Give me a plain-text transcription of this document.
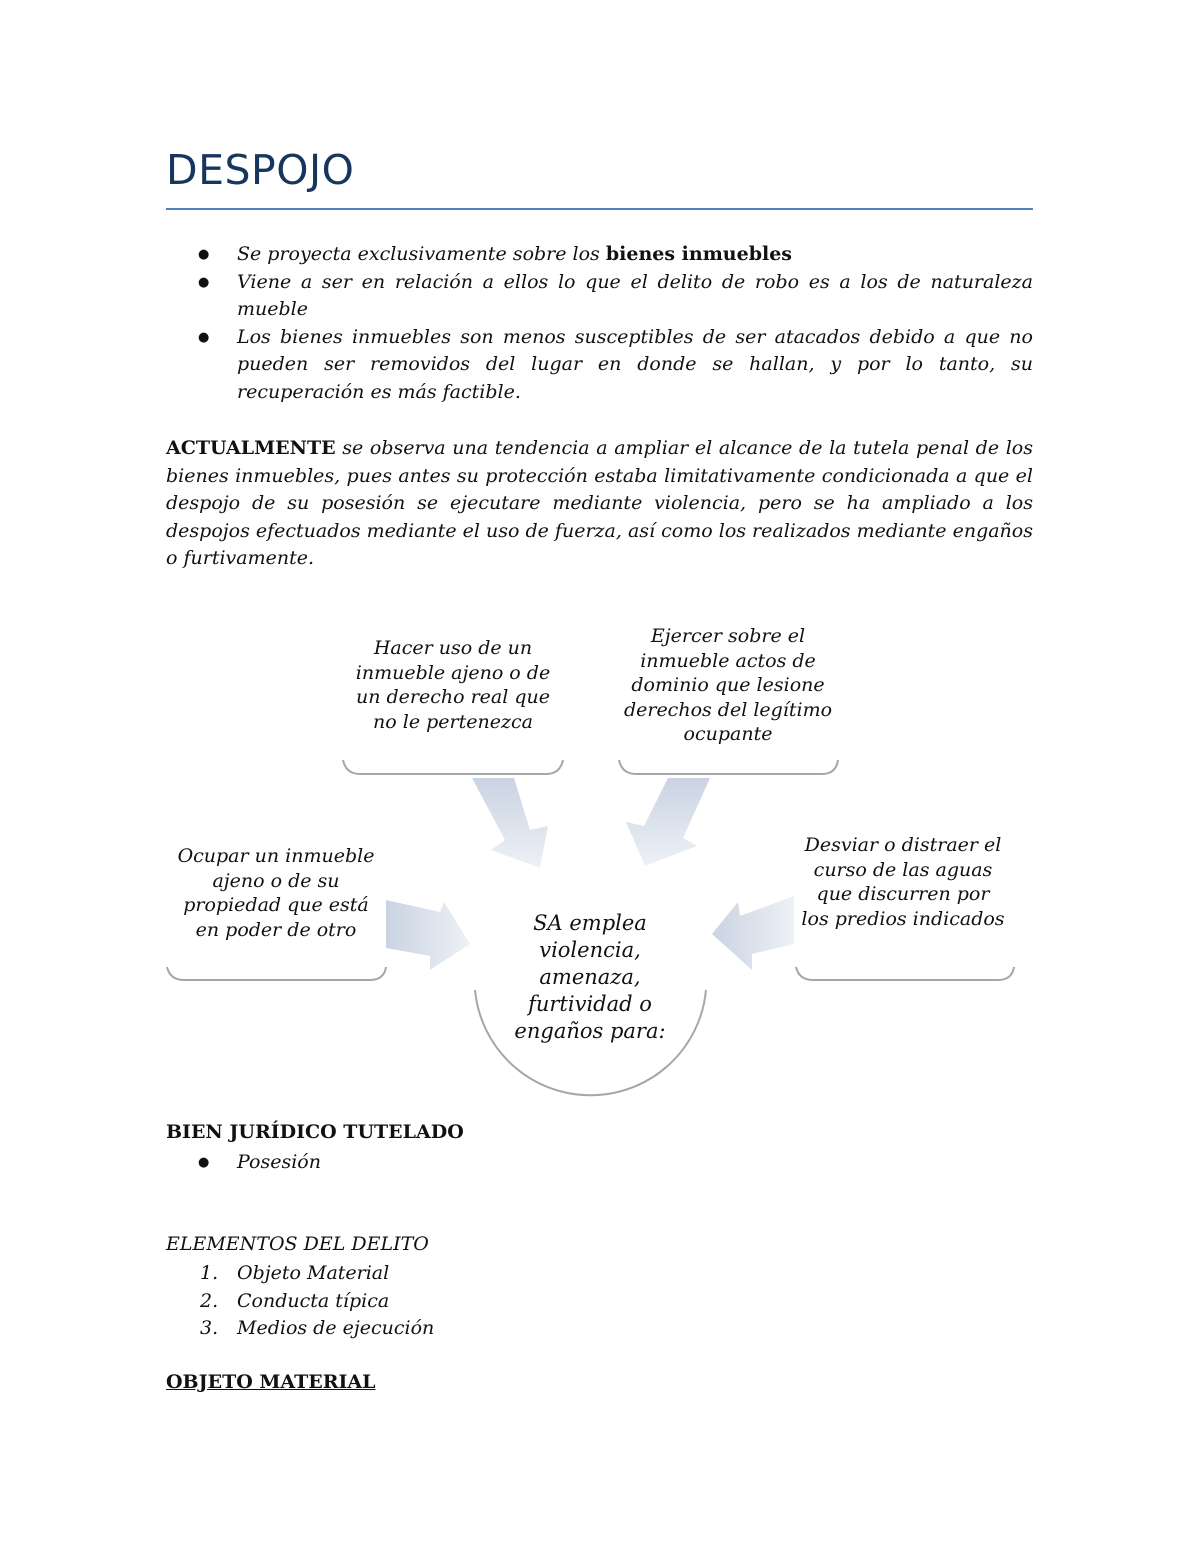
DESPOJO
● Se proyecta exclusivamente sobre los bienes inmuebles
● Viene a ser en relación a ellos lo que el delito de robo es a los de naturaleza mueble
● Los bienes inmuebles son menos susceptibles de ser atacados debido a que no pueden ser removidos del lugar en donde se hallan, y por lo tanto, su recuperación es más factible.

ACTUALMENTE se observa una tendencia a ampliar el alcance de la tutela penal de los bienes inmuebles, pues antes su protección estaba limitativamente condicionada a que el despojo de su posesión se ejecutare mediante violencia, pero se ha ampliado a los despojos efectuados mediante el uso de fuerza, así como los realizados mediante engaños o furtivamente.

Hacer uso de un inmueble ajeno o de un derecho real que no le pertenezca
Ejercer sobre el inmueble actos de dominio que lesione derechos del legítimo ocupante
Ocupar un inmueble ajeno o de su propiedad que está en poder de otro
Desviar o distraer el curso de las aguas que discurren por los predios indicados
SA emplea violencia, amenaza, furtividad o engaños para:
BIEN JURÍDICO TUTELADO
● Posesión

ELEMENTOS DEL DELITO

1. Objeto Material
2. Conducta típica
3. Medios de ejecución

OBJETO MATERIAL
